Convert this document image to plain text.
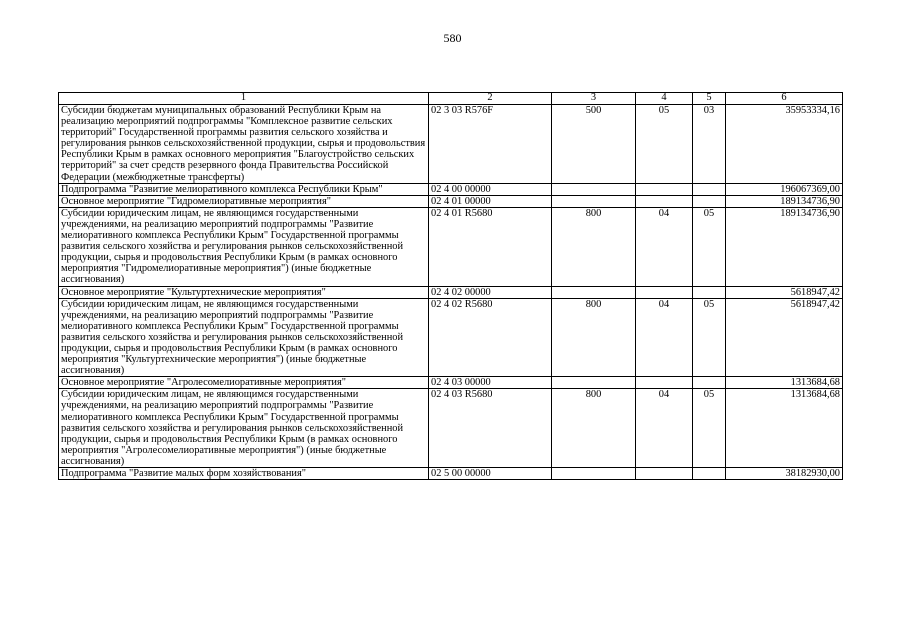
580
1	2	3	4	5	6
Субсидии бюджетам муниципальных образований Республики Крым на реализацию мероприятий подпрограммы "Комплексное развитие сельских территорий" Государственной программы развития сельского хозяйства и регулирования рынков сельскохозяйственной продукции, сырья и продовольствия Республики Крым в рамках основного мероприятия "Благоустройство сельских территорий" за счет средств резервного фонда Правительства Российской Федерации (межбюджетные трансферты)	02 3 03 R576F	500	05	03	35953334,16
Подпрограмма "Развитие мелиоративного комплекса Республики Крым"	02 4 00 00000				196067369,00
Основное мероприятие "Гидромелиоративные мероприятия"	02 4 01 00000				189134736,90
Субсидии юридическим лицам, не являющимся государственными учреждениями, на реализацию мероприятий подпрограммы "Развитие мелиоративного комплекса Республики Крым" Государственной программы развития сельского хозяйства и регулирования рынков сельскохозяйственной продукции, сырья и продовольствия Республики Крым (в рамках основного мероприятия "Гидромелиоративные мероприятия") (иные бюджетные ассигнования)	02 4 01 R5680	800	04	05	189134736,90
Основное мероприятие "Культуртехнические мероприятия"	02 4 02 00000				5618947,42
Субсидии юридическим лицам, не являющимся государственными учреждениями, на реализацию мероприятий подпрограммы "Развитие мелиоративного комплекса Республики Крым" Государственной программы развития сельского хозяйства и регулирования рынков сельскохозяйственной продукции, сырья и продовольствия Республики Крым (в рамках основного мероприятия "Культуртехнические мероприятия") (иные бюджетные ассигнования)	02 4 02 R5680	800	04	05	5618947,42
Основное мероприятие "Агролесомелиоративные мероприятия"	02 4 03 00000				1313684,68
Субсидии юридическим лицам, не являющимся государственными учреждениями, на реализацию мероприятий подпрограммы "Развитие мелиоративного комплекса Республики Крым" Государственной программы развития сельского хозяйства и регулирования рынков сельскохозяйственной продукции, сырья и продовольствия Республики Крым (в рамках основного мероприятия "Агролесомелиоративные мероприятия") (иные бюджетные ассигнования)	02 4 03 R5680	800	04	05	1313684,68
Подпрограмма "Развитие малых форм хозяйствования"	02 5 00 00000				38182930,00
